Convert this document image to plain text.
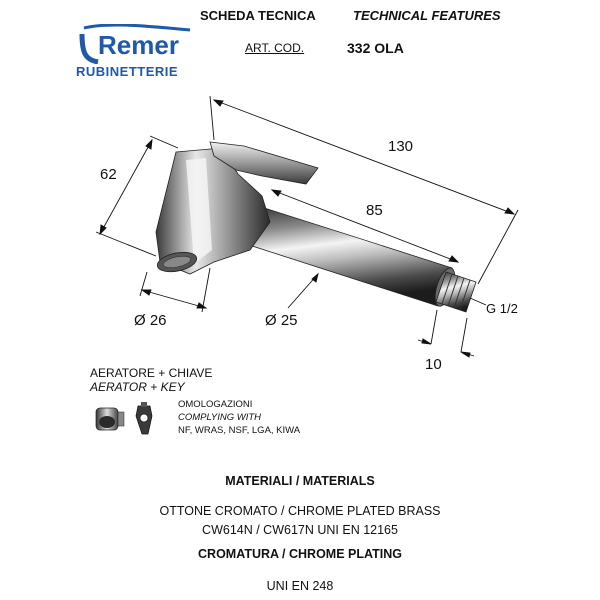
Remer
RUBINETTERIE
SCHEDA TECNICA	TECHNICAL FEATURES
ART. COD.	332 OLA
130
62
85
Ø 26	Ø 25
G 1/2
10
AERATORE + CHIAVE
AERATOR + KEY
OMOLOGAZIONI
COMPLYING WITH
NF, WRAS, NSF, LGA, KIWA
MATERIALI / MATERIALS
OTTONE CROMATO / CHROME PLATED BRASS
CW614N / CW617N UNI EN 12165
CROMATURA / CHROME PLATING
UNI EN 248
